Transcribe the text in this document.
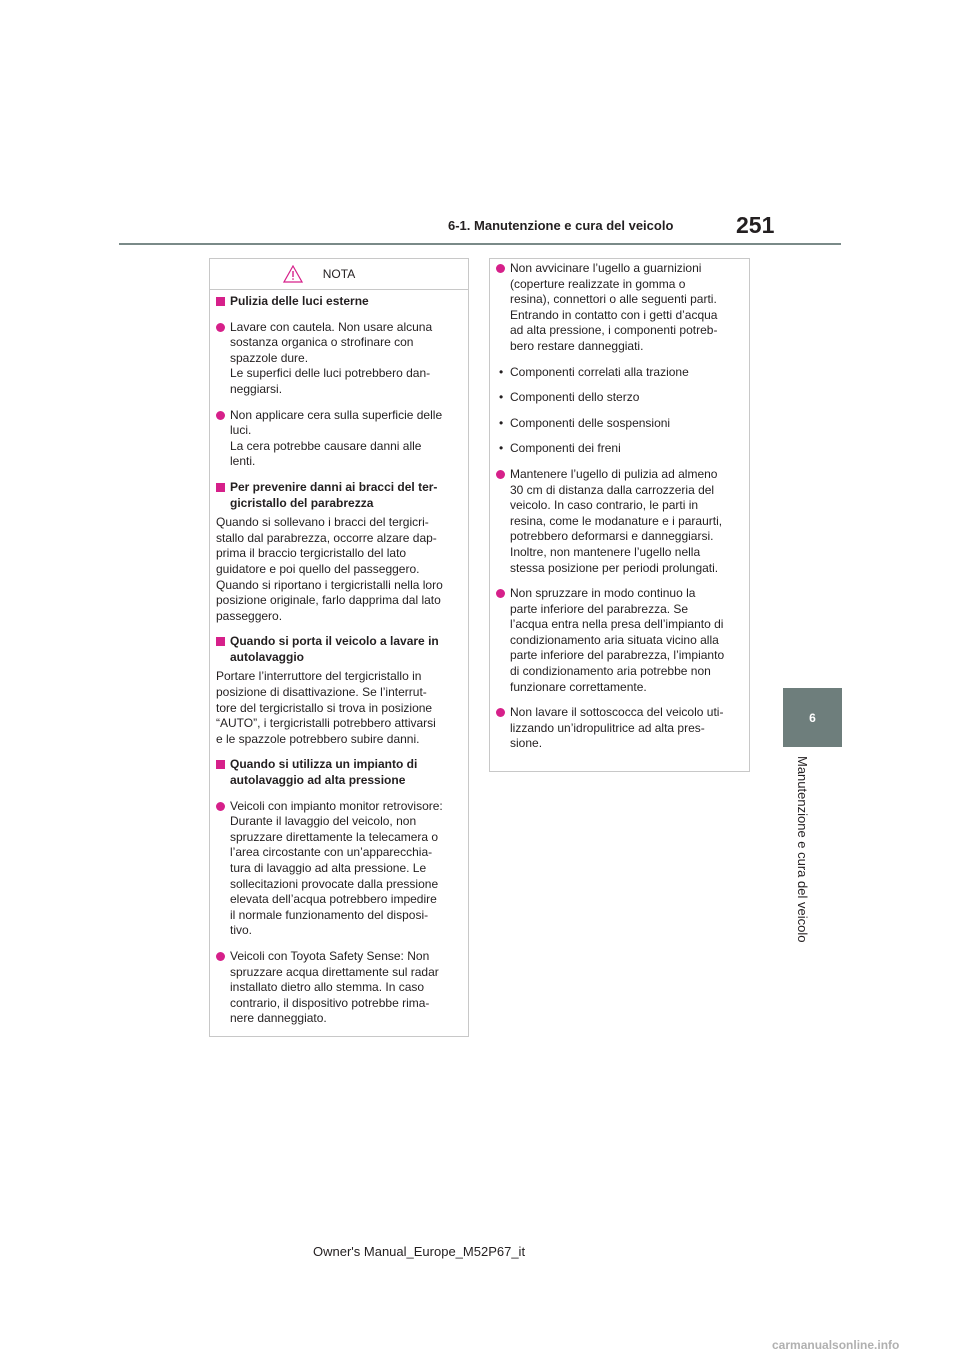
6-1. Manutenzione e cura del veicolo	251
6
Manutenzione e cura del veicolo
NOTA
Pulizia delle luci esterne
Lavare con cautela. Non usare alcuna
sostanza organica o strofinare con
spazzole dure.
Le superfici delle luci potrebbero dan-
neggiarsi.
Non applicare cera sulla superficie delle
luci.
La cera potrebbe causare danni alle
lenti.
Per prevenire danni ai bracci del ter-
gicristallo del parabrezza
Quando si sollevano i bracci del tergicri-
stallo dal parabrezza, occorre alzare dap-
prima il braccio tergicristallo del lato
guidatore e poi quello del passeggero.
Quando si riportano i tergicristalli nella loro
posizione originale, farlo dapprima dal lato
passeggero.
Quando si porta il veicolo a lavare in
autolavaggio
Portare l’interruttore del tergicristallo in
posizione di disattivazione. Se l’interrut-
tore del tergicristallo si trova in posizione
“AUTO”, i tergicristalli potrebbero attivarsi
e le spazzole potrebbero subire danni.
Quando si utilizza un impianto di
autolavaggio ad alta pressione
Veicoli con impianto monitor retrovisore:
Durante il lavaggio del veicolo, non
spruzzare direttamente la telecamera o
l’area circostante con un’apparecchia-
tura di lavaggio ad alta pressione. Le
sollecitazioni provocate dalla pressione
elevata dell’acqua potrebbero impedire
il normale funzionamento del disposi-
tivo.
Veicoli con Toyota Safety Sense: Non
spruzzare acqua direttamente sul radar
installato dietro allo stemma. In caso
contrario, il dispositivo potrebbe rima-
nere danneggiato.
Non avvicinare l’ugello a guarnizioni
(coperture realizzate in gomma o
resina), connettori o alle seguenti parti.
Entrando in contatto con i getti d’acqua
ad alta pressione, i componenti potreb-
bero restare danneggiati.
• Componenti correlati alla trazione
• Componenti dello sterzo
• Componenti delle sospensioni
• Componenti dei freni
Mantenere l’ugello di pulizia ad almeno
30 cm di distanza dalla carrozzeria del
veicolo. In caso contrario, le parti in
resina, come le modanature e i paraurti,
potrebbero deformarsi e danneggiarsi.
Inoltre, non mantenere l’ugello nella
stessa posizione per periodi prolungati.
Non spruzzare in modo continuo la
parte inferiore del parabrezza. Se
l’acqua entra nella presa dell’impianto di
condizionamento aria situata vicino alla
parte inferiore del parabrezza, l’impianto
di condizionamento aria potrebbe non
funzionare correttamente.
Non lavare il sottoscocca del veicolo uti-
lizzando un’idropulitrice ad alta pres-
sione.
Owner's Manual_Europe_M52P67_it
carmanualsonline.info
